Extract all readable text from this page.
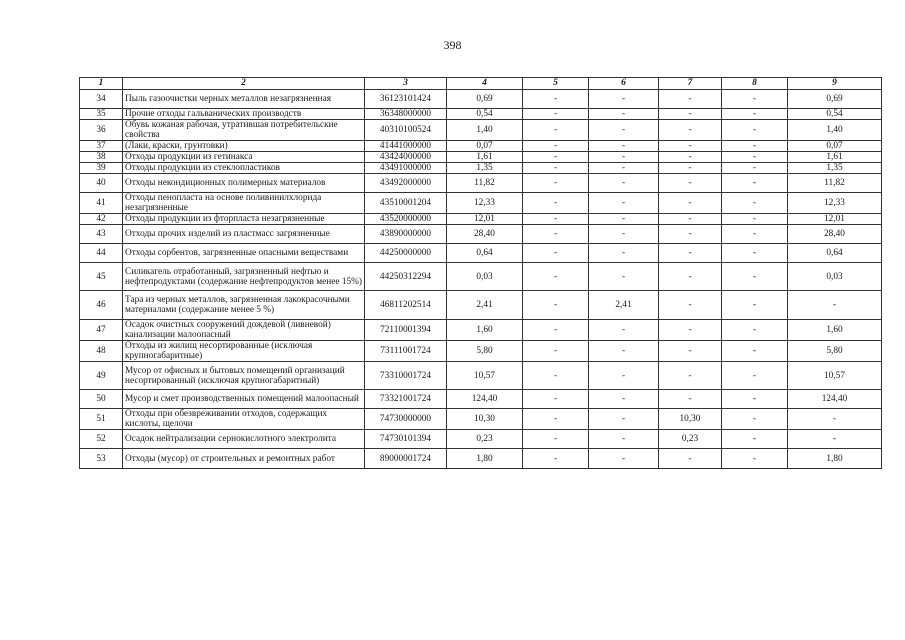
398
1	2	3	4	5	6	7	8	9
34	Пыль газоочистки черных металлов незагрязненная	36123101424	0,69	-	-	-	-	0,69
35	Прочие отходы гальванических производств	36348000000	0,54	-	-	-	-	0,54
36	Обувь кожаная рабочая, утратившая потребительские свойства	40310100524	1,40	-	-	-	-	1,40
37	(Лаки, краски, грунтовки)	41441000000	0,07	-	-	-	-	0,07
38	Отходы продукции из гетинакса	43424000000	1,61	-	-	-	-	1,61
39	Отходы продукции из стеклопластиков	43491000000	1,35	-	-	-	-	1,35
40	Отходы некондиционных полимерных материалов	43492000000	11,82	-	-	-	-	11,82
41	Отходы пенопласта на основе поливинилхлорида незагрязненные	43510001204	12,33	-	-	-	-	12,33
42	Отходы продукции из фторпласта незагрязненные	43520000000	12,01	-	-	-	-	12,01
43	Отходы прочих изделий из пластмасс загрязненные	43890000000	28,40	-	-	-	-	28,40
44	Отходы сорбентов, загрязненные опасными веществами	44250000000	0,64	-	-	-	-	0,64
45	Силикагель отработанный, загрязненный нефтью и нефтепродуктами (содержание нефтепродуктов менее 15%)	44250312294	0,03	-	-	-	-	0,03
46	Тара из черных металлов, загрязненная лакокрасочными материалами (содержание менее 5 %)	46811202514	2,41	-	2,41	-	-	-
47	Осадок очистных сооружений дождевой (ливневой) канализации малоопасный	72110001394	1,60	-	-	-	-	1,60
48	Отходы из жилищ несортированные (исключая крупногабаритные)	73111001724	5,80	-	-	-	-	5,80
49	Мусор от офисных и бытовых помещений организаций несортированный (исключая крупногабаритный)	73310001724	10,57	-	-	-	-	10,57
50	Мусор и смет производственных помещений малоопасный	73321001724	124,40	-	-	-	-	124,40
51	Отходы при обезвреживании отходов, содержащих кислоты, щелочи	74730000000	10,30	-	-	10,30	-	-
52	Осадок нейтрализации сернокислотного электролита	74730101394	0,23	-	-	0,23	-	-
53	Отходы (мусор) от строительных и ремонтных работ	89000001724	1,80	-	-	-	-	1,80
